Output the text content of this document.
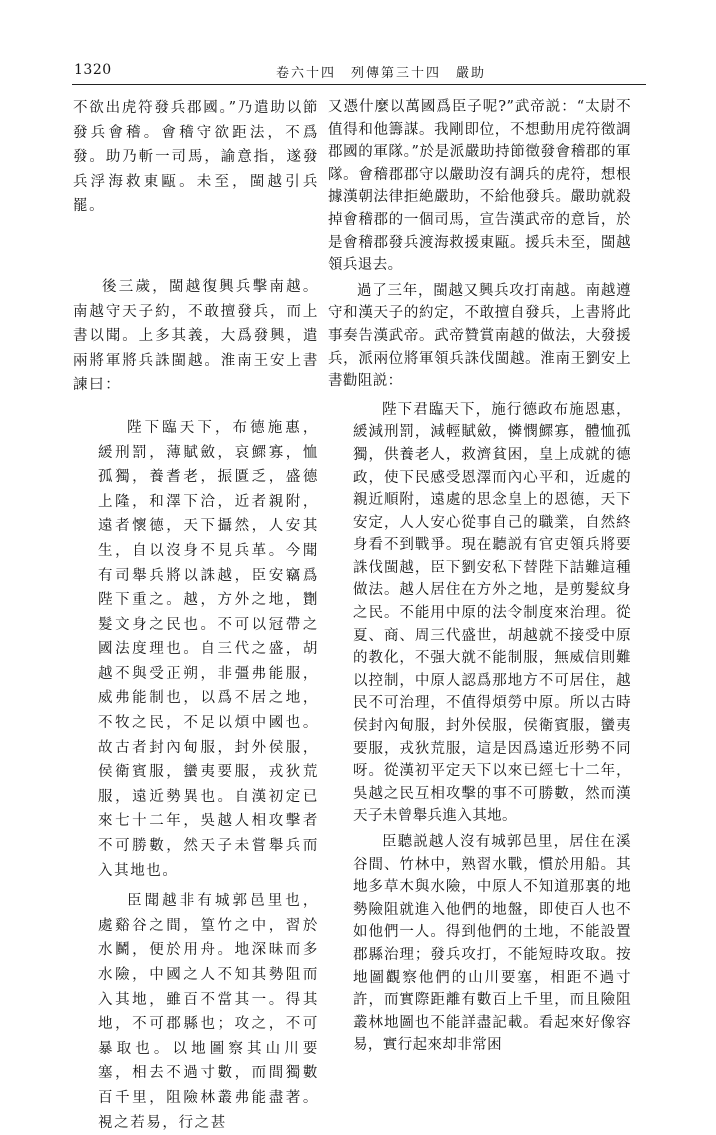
1320	卷六十四　列傳第三十四　嚴助

不欲出虎符發兵郡國。”乃遣助以節發兵會稽。會稽守欲距法，不爲發。助乃斬一司馬，諭意指，遂發兵浮海救東甌。未至，閩越引兵罷。

後三歲，閩越復興兵擊南越。南越守天子約，不敢擅發兵，而上書以聞。上多其義，大爲發興，遣兩將軍將兵誅閩越。淮南王安上書諫曰：

陛下臨天下，布德施惠，緩刑罰，薄賦斂，哀鰥寡，恤孤獨，養耆老，振匱乏，盛德上隆，和澤下洽，近者親附，遠者懷德，天下攝然，人安其生，自以沒身不見兵革。今聞有司舉兵將以誅越，臣安竊爲陛下重之。越，方外之地，劗髮文身之民也。不可以冠帶之國法度理也。自三代之盛，胡越不與受正朔，非彊弗能服，威弗能制也，以爲不居之地，不牧之民，不足以煩中國也。故古者封內甸服，封外侯服，侯衛賓服，蠻夷要服，戎狄荒服，遠近勢異也。自漢初定已來七十二年，吳越人相攻擊者不可勝數，然天子未嘗舉兵而入其地也。

臣聞越非有城郭邑里也，處谿谷之間，篁竹之中，習於水鬭，便於用舟。地深昧而多水險，中國之人不知其勢阻而入其地，雖百不當其一。得其地，不可郡縣也；攻之，不可暴取也。以地圖察其山川要塞，相去不過寸數，而間獨數百千里，阻險林叢弗能盡著。視之若易，行之甚

又憑什麼以萬國爲臣子呢?”武帝説：“太尉不值得和他籌謀。我剛即位，不想動用虎符徵調郡國的軍隊。”於是派嚴助持節徵發會稽郡的軍隊。會稽郡郡守以嚴助沒有調兵的虎符，想根據漢朝法律拒絶嚴助，不給他發兵。嚴助就殺掉會稽郡的一個司馬，宣告漢武帝的意旨，於是會稽郡發兵渡海救援東甌。援兵未至，閩越領兵退去。

過了三年，閩越又興兵攻打南越。南越遵守和漢天子的約定，不敢擅自發兵，上書將此事奏告漢武帝。武帝贊賞南越的做法，大發援兵，派兩位將軍領兵誅伐閩越。淮南王劉安上書勸阻説：

陛下君臨天下，施行德政布施恩惠，緩減刑罰，減輕賦斂，憐憫鰥寡，體恤孤獨，供養老人，救濟貧困，皇上成就的德政，使下民感受恩澤而內心平和，近處的親近順附，遠處的思念皇上的恩德，天下安定，人人安心從事自己的職業，自然終身看不到戰爭。現在聽説有官吏領兵將要誅伐閩越，臣下劉安私下替陛下詰難這種做法。越人居住在方外之地，是剪髮紋身之民。不能用中原的法令制度來治理。從夏、商、周三代盛世，胡越就不接受中原的教化，不强大就不能制服，無威信則難以控制，中原人認爲那地方不可居住，越民不可治理，不值得煩勞中原。所以古時侯封內甸服，封外侯服，侯衛賓服，蠻夷要服，戎狄荒服，這是因爲遠近形勢不同呀。從漢初平定天下以來已經七十二年，吳越之民互相攻擊的事不可勝數，然而漢天子未曾舉兵進入其地。

臣聽説越人沒有城郭邑里，居住在溪谷間、竹林中，熟習水戰，慣於用船。其地多草木與水險，中原人不知道那裏的地勢險阻就進入他們的地盤，即使百人也不如他們一人。得到他們的土地，不能設置郡縣治理；發兵攻打，不能短時攻取。按地圖觀察他們的山川要塞，相距不過寸許，而實際距離有數百上千里，而且險阻叢林地圖也不能詳盡記載。看起來好像容易，實行起來却非常困
